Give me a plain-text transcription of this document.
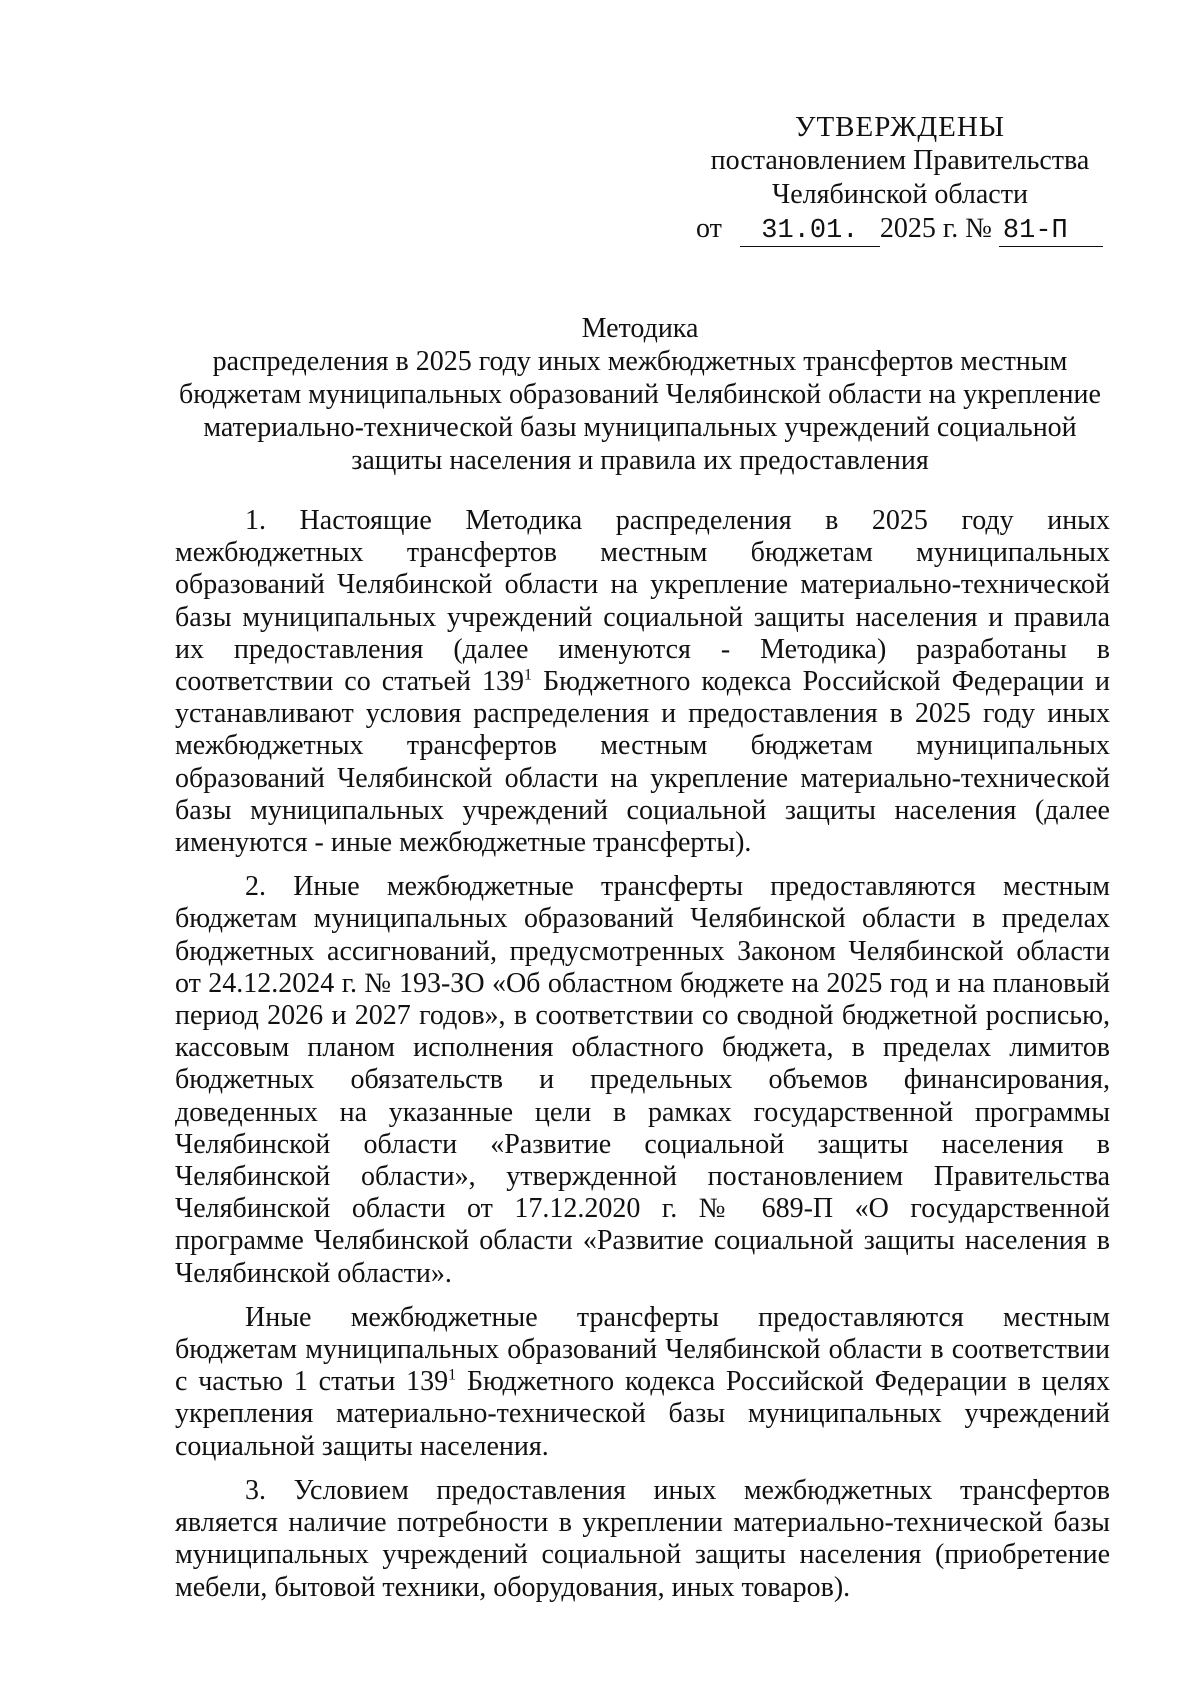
УТВЕРЖДЕНЫ
постановлением Правительства
Челябинской области
от 31.01. 2025 г. № 81-П
Методика
распределения в 2025 году иных межбюджетных трансфертов местным
бюджетам муниципальных образований Челябинской области на укрепление
материально-технической базы муниципальных учреждений социальной
защиты населения и правила их предоставления

1. Настоящие Методика распределения в 2025 году иных межбюджетных трансфертов местным бюджетам муниципальных образований Челябинской области на укрепление материально-технической базы муниципальных учреждений социальной защиты населения и правила их предоставления (далее именуются - Методика) разработаны в соответствии со статьей $139^1$ Бюджетного кодекса Российской Федерации и устанавливают условия распределения и предоставления в 2025 году иных межбюджетных трансфертов местным бюджетам муниципальных образований Челябинской области на укрепление материально-технической базы муниципальных учреждений социальной защиты населения (далее именуются - иные межбюджетные трансферты).

2. Иные межбюджетные трансферты предоставляются местным бюджетам муниципальных образований Челябинской области в пределах бюджетных ассигнований, предусмотренных Законом Челябинской области от 24.12.2024 г. № 193-ЗО «Об областном бюджете на 2025 год и на плановый период 2026 и 2027 годов», в соответствии со сводной бюджетной росписью, кассовым планом исполнения областного бюджета, в пределах лимитов бюджетных обязательств и предельных объемов финансирования, доведенных на указанные цели в рамках государственной программы Челябинской области «Развитие социальной защиты населения в Челябинской области», утвержденной постановлением Правительства Челябинской области от 17.12.2020 г. № 689-П «О государственной программе Челябинской области «Развитие социальной защиты населения в Челябинской области».

Иные межбюджетные трансферты предоставляются местным бюджетам муниципальных образований Челябинской области в соответствии с частью 1 статьи $139^1$ Бюджетного кодекса Российской Федерации в целях укрепления материально-технической базы муниципальных учреждений социальной защиты населения.

3. Условием предоставления иных межбюджетных трансфертов является наличие потребности в укреплении материально-технической базы муниципальных учреждений социальной защиты населения (приобретение мебели, бытовой техники, оборудования, иных товаров).
